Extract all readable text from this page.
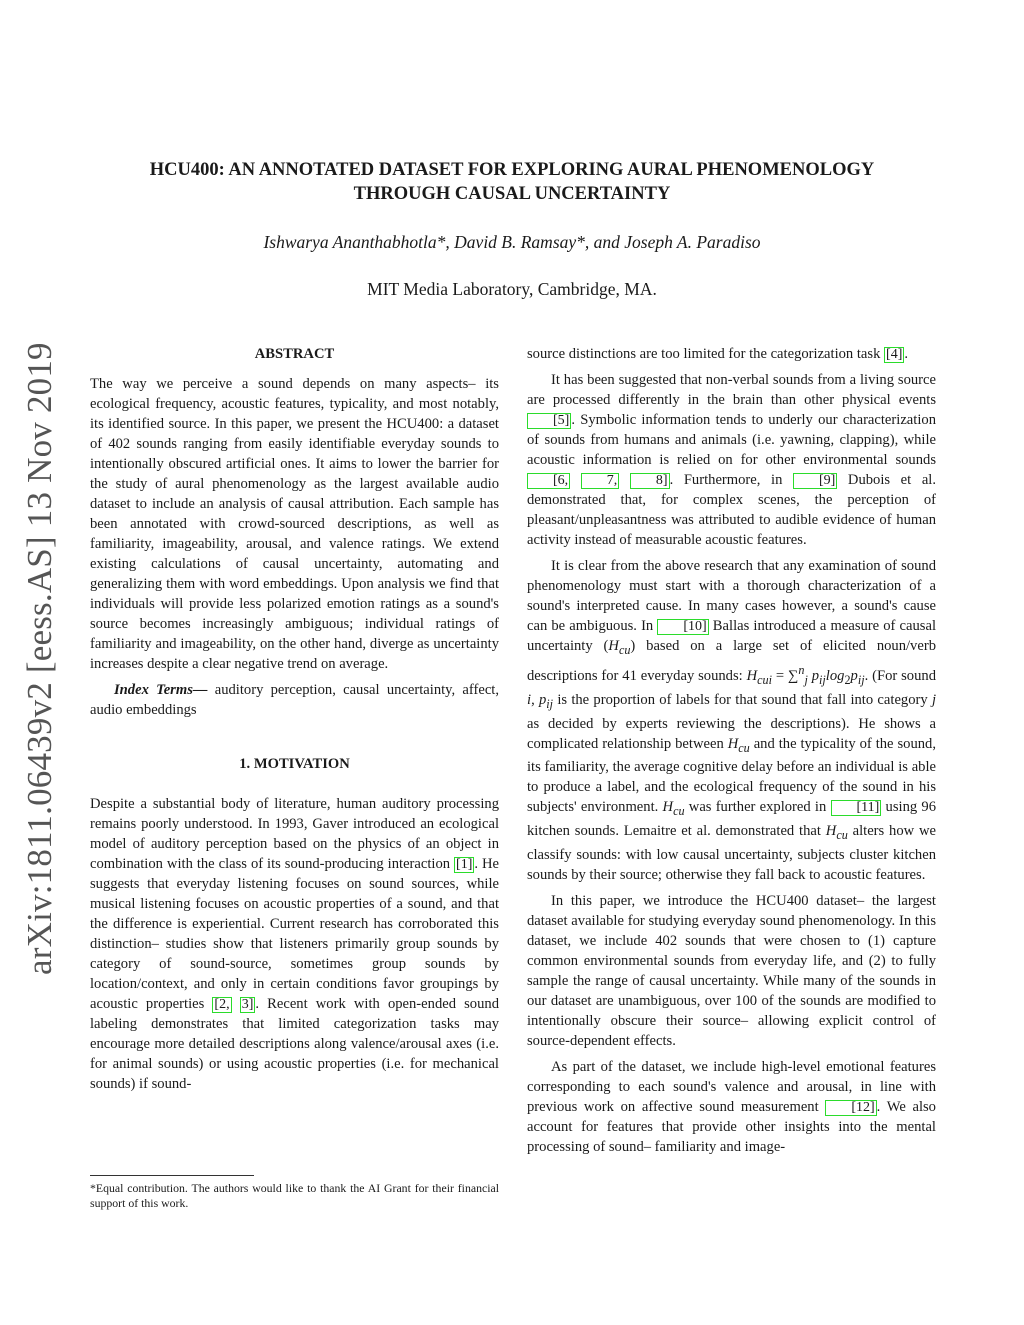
arXiv:1811.06439v2 [eess.AS] 13 Nov 2019
HCU400: AN ANNOTATED DATASET FOR EXPLORING AURAL PHENOMENOLOGY
THROUGH CAUSAL UNCERTAINTY
Ishwarya Ananthabhotla*, David B. Ramsay*, and Joseph A. Paradiso
MIT Media Laboratory, Cambridge, MA.
ABSTRACT

The way we perceive a sound depends on many aspects– its ecological frequency, acoustic features, typicality, and most notably, its identified source. In this paper, we present the HCU400: a dataset of 402 sounds ranging from easily identifiable everyday sounds to intentionally obscured artificial ones. It aims to lower the barrier for the study of aural phenomenology as the largest available audio dataset to include an analysis of causal attribution. Each sample has been annotated with crowd-sourced descriptions, as well as familiarity, imageability, arousal, and valence ratings. We extend existing calculations of causal uncertainty, automating and generalizing them with word embeddings. Upon analysis we find that individuals will provide less polarized emotion ratings as a sound's source becomes increasingly ambiguous; individual ratings of familiarity and imageability, on the other hand, diverge as uncertainty increases despite a clear negative trend on average.

Index Terms— auditory perception, causal uncertainty, affect, audio embeddings

1. MOTIVATION

Despite a substantial body of literature, human auditory processing remains poorly understood. In 1993, Gaver introduced an ecological model of auditory perception based on the physics of an object in combination with the class of its sound-producing interaction [1] . He suggests that everyday listening focuses on sound sources, while musical listening focuses on acoustic properties of a sound, and that the difference is experiential. Current research has corroborated this distinction– studies show that listeners primarily group sounds by category of sound-source, sometimes group sounds by location/context, and only in certain conditions favor groupings by acoustic properties [2, 3] . Recent work with open-ended sound labeling demonstrates that limited categorization tasks may encourage more detailed descriptions along valence/arousal axes (i.e. for animal sounds) or using acoustic properties (i.e. for mechanical sounds) if sound-

*Equal contribution. The authors would like to thank the AI Grant for their financial support of this work.

source distinctions are too limited for the categorization task [4] .

It has been suggested that non-verbal sounds from a living source are processed differently in the brain than other physical events [5] . Symbolic information tends to underly our characterization of sounds from humans and animals (i.e. yawning, clapping), while acoustic information is relied on for other environmental sounds [6,	7,	8] . Furthermore, in [9] Dubois et al. demonstrated that, for complex scenes, the perception of pleasant/unpleasantness was attributed to audible evidence of human activity instead of measurable acoustic features.

It is clear from the above research that any examination of sound phenomenology must start with a thorough characterization of a sound's interpreted cause. In many cases however, a sound's cause can be ambiguous. In [10] Ballas introduced a measure of causal uncertainty $(H_{cu})$ based on a large set of elicited noun/verb descriptions for 41 everyday sounds: $H_{cui} = \sum^n_j$ $p_{ij}\log_2p_{ij}$. (For sound i, $p_{ij}$ is the proportion of labels for that sound that fall into category j as decided by experts reviewing the descriptions). He shows a complicated relationship between $H_{cu}$ and the typicality of the sound, its familiarity, the average cognitive delay before an individual is able to produce a label, and the ecological frequency of the sound in his subjects' environment. $H_{cu}$ was further explored in [11] using 96 kitchen sounds. Lemaitre et al. demonstrated that $H_{cu}$ alters how we classify sounds: with low causal uncertainty, subjects cluster kitchen sounds by their source; otherwise they fall back to acoustic features.

In this paper, we introduce the HCU400 dataset– the largest dataset available for studying everyday sound phenomenology. In this dataset, we include 402 sounds that were chosen to (1) capture common environmental sounds from everyday life, and (2) to fully sample the range of causal uncertainty. While many of the sounds in our dataset are unambiguous, over 100 of the sounds are modified to intentionally obscure their source– allowing explicit control of source-dependent effects.

As part of the dataset, we include high-level emotional features corresponding to each sound's valence and arousal, in line with previous work on affective sound measurement [12] . We also account for features that provide other insights into the mental processing of sound– familiarity and image-
